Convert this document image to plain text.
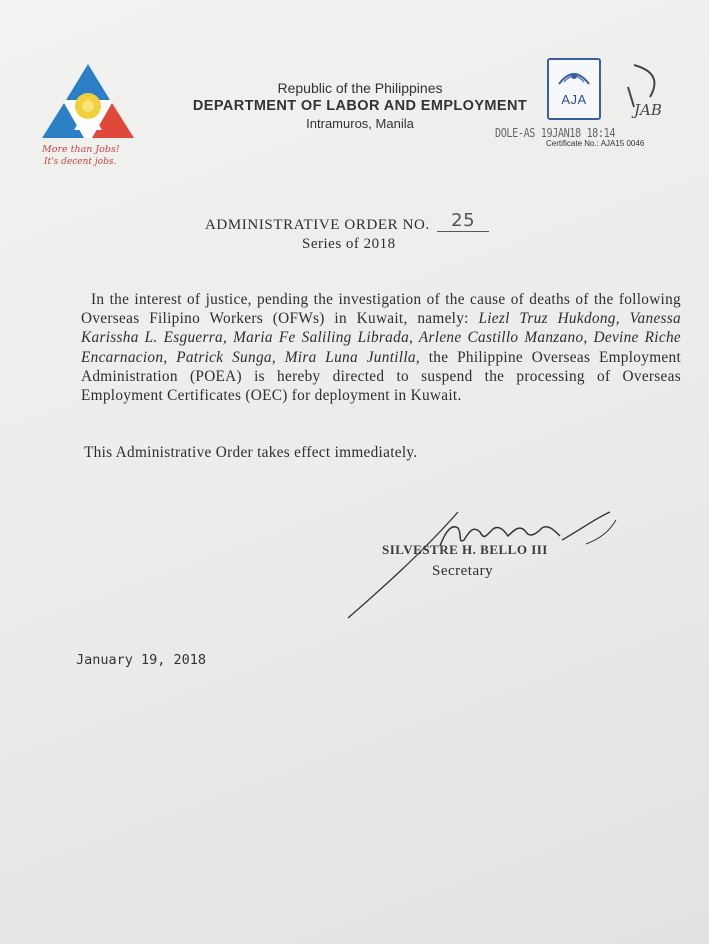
More than Jobs!
It's decent jobs.
Republic of the Philippines
DEPARTMENT OF LABOR AND EMPLOYMENT
Intramuros, Manila
AJA
JAB
DOLE-AS 19JAN18 18:14
Certificate No.: AJA15 0046
ADMINISTRATIVE ORDER NO. 25
Series of 2018
In the interest of justice, pending the investigation of the cause of deaths of the following Overseas Filipino Workers (OFWs) in Kuwait, namely: Liezl Truz Hukdong, Vanessa Karissha L. Esguerra, Maria Fe Saliling Librada, Arlene Castillo Manzano, Devine Riche Encarnacion, Patrick Sunga, Mira Luna Juntilla, the Philippine Overseas Employment Administration (POEA) is hereby directed to suspend the processing of Overseas Employment Certificates (OEC) for deployment in Kuwait.
This Administrative Order takes effect immediately.
SILVESTRE H. BELLO III
Secretary
January 19, 2018
